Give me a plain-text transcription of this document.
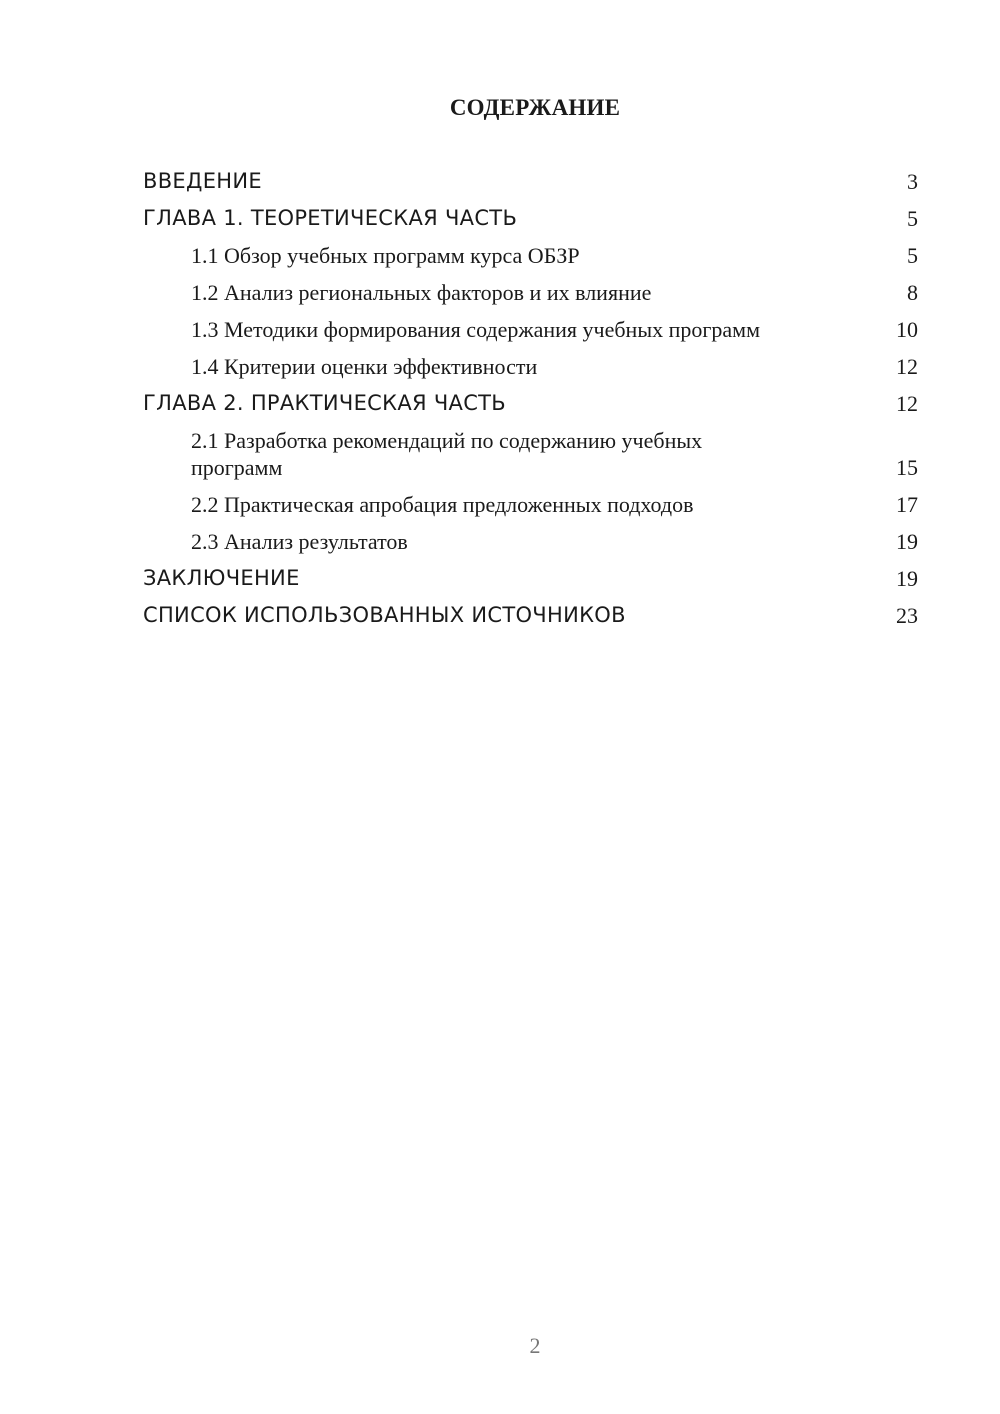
СОДЕРЖАНИЕ
ВВЕДЕНИЕ	3
ГЛАВА 1. ТЕОРЕТИЧЕСКАЯ ЧАСТЬ	5
1.1 Обзор учебных программ курса ОБЗР	5
1.2 Анализ региональных факторов и их влияние	8
1.3 Методики формирования содержания учебных программ	10
1.4 Критерии оценки эффективности	12
ГЛАВА 2. ПРАКТИЧЕСКАЯ ЧАСТЬ	12
2.1 Разработка рекомендаций по содержанию учебных программ	15
2.2 Практическая апробация предложенных подходов	17
2.3 Анализ результатов	19
ЗАКЛЮЧЕНИЕ	19
СПИСОК ИСПОЛЬЗОВАННЫХ ИСТОЧНИКОВ	23
2
